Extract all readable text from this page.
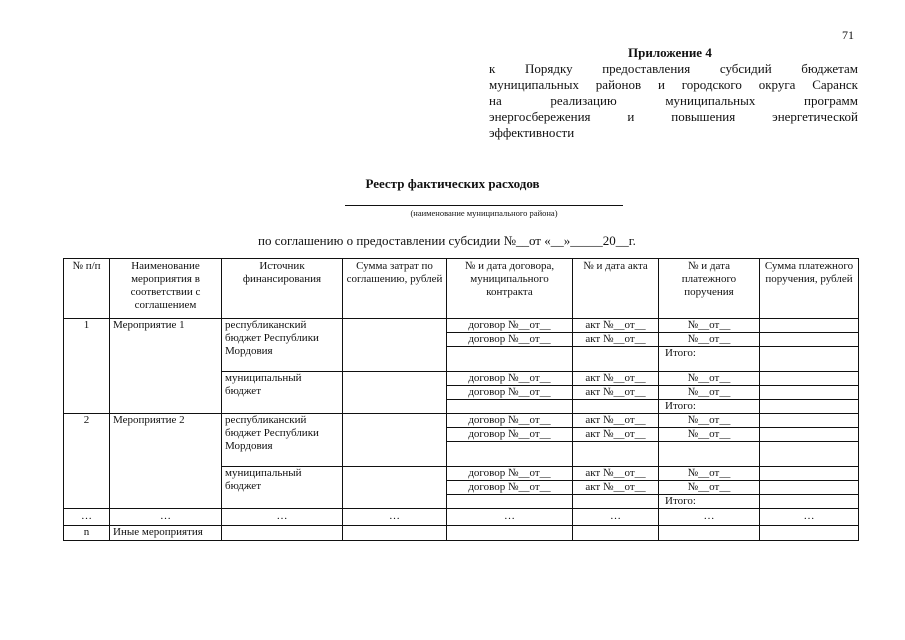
71
Приложение 4
к Порядку предоставления субсидий бюджетам
муниципальных районов и городского округа Саранск
на реализацию муниципальных программ
энергосбережения и повышения энергетической
эффективности
Реестр фактических расходов
(наименование муниципального района)
по соглашению о предоставлении субсидии №__от «__»_____20__г.
№ п/п	Наименование мероприятия в соответствии с соглашением	Источник финансирования	Сумма затрат по соглашению, рублей	№ и дата договора, муниципального контракта	№ и дата акта	№ и дата платежного поручения	Сумма платежного поручения, рублей
1	Мероприятие 1	республиканский бюджет Республики Мордовия		договор №__от__	акт №__от__	№__от__	
				договор №__от__	акт №__от__	№__от__	
						Итого:	
		муниципальный бюджет		договор №__от__	акт №__от__	№__от__	
				договор №__от__	акт №__от__	№__от__	
						Итого:	
2	Мероприятие 2	республиканский бюджет Республики Мордовия		договор №__от__	акт №__от__	№__от__	
				договор №__от__	акт №__от__	№__от__	

		муниципальный бюджет		договор №__от__	акт №__от__	№__от__	
				договор №__от__	акт №__от__	№__от__	
						Итого:	
…	…	…	…	…	…	…	…
n	Иные мероприятия						
